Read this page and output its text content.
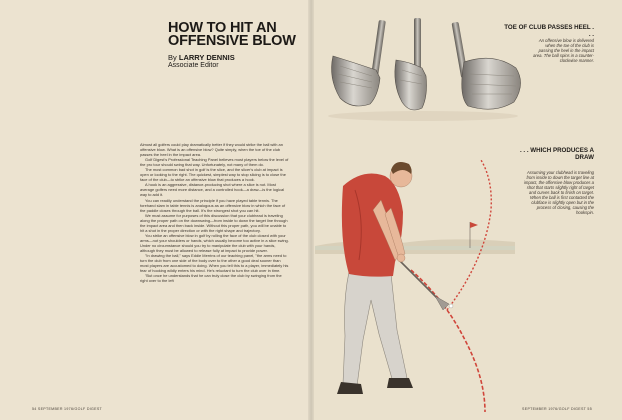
HOW TO HIT AN OFFENSIVE BLOW
By LARRY DENNIS
Associate Editor

Almost all golfers could play dramatically better if they would strike the ball with an offensive blow. What is an offensive blow? Quite simply, when the toe of the club passes the heel in the impact area.

Golf Digest's Professional Teaching Panel believes most players below the level of the pro tour should swing that way. Unfortunately, not many of them do.

The most common bad shot in golf is the slice, and the slicer's club at impact is open or looking to the right. The quickest, simplest way to stop slicing is to close the face of the club—to strike an offensive blow that produces a hook.

A hook is an aggressive, distance-producing shot where a slice is not. Most average golfers need more distance, and a controlled hook—a draw—is the logical way to add it.

You can readily understand the principle if you have played table tennis. The forehand slam in table tennis is analogous as an offensive blow in which the face of the paddle closes through the ball. It's the strongest shot you can hit.

We must assume for purposes of this discussion that your clubhead is traveling along the proper path on the downswing—from inside to down the target line through the impact area and then back inside. Without this proper path, you will be unable to hit a shot in the proper direction or with the right shape and trajectory.

You strike an offensive blow in golf by rolling the face of the club closed with your arms—not your shoulders or hands, which usually become too active in a slice swing. Under no circumstance should you try to manipulate the club with your hands, although they must be allowed to release fully at impact to provide power.

"In drawing the ball," says Eddie Merrins of our teaching panel, "the arms need to turn the club from one side of the body over to the other a good deal sooner than most players are accustomed to doing. When you tell this to a player, immediately his fear of hooking wildly enters his mind. He's reluctant to turn the club over in time.

"But once he understands that he can truly close the club by swinging from the right over to the left

54 SEPTEMBER 1976/GOLF DIGEST
TOE OF CLUB PASSES HEEL . . .
An offensive blow is delivered when the toe of the club is passing the heel in the impact area. The ball spins in a counter-clockwise manner.
. . . WHICH PRODUCES A DRAW
Assuming your clubhead is traveling from inside to down the target line at impact, the offensive blow produces a shot that starts slightly right of target and curves back to finish on target. When the ball is first contacted the clubface is slightly open but in the process of closing, causing the hookspin.
SEPTEMBER 1976/GOLF DIGEST 55
